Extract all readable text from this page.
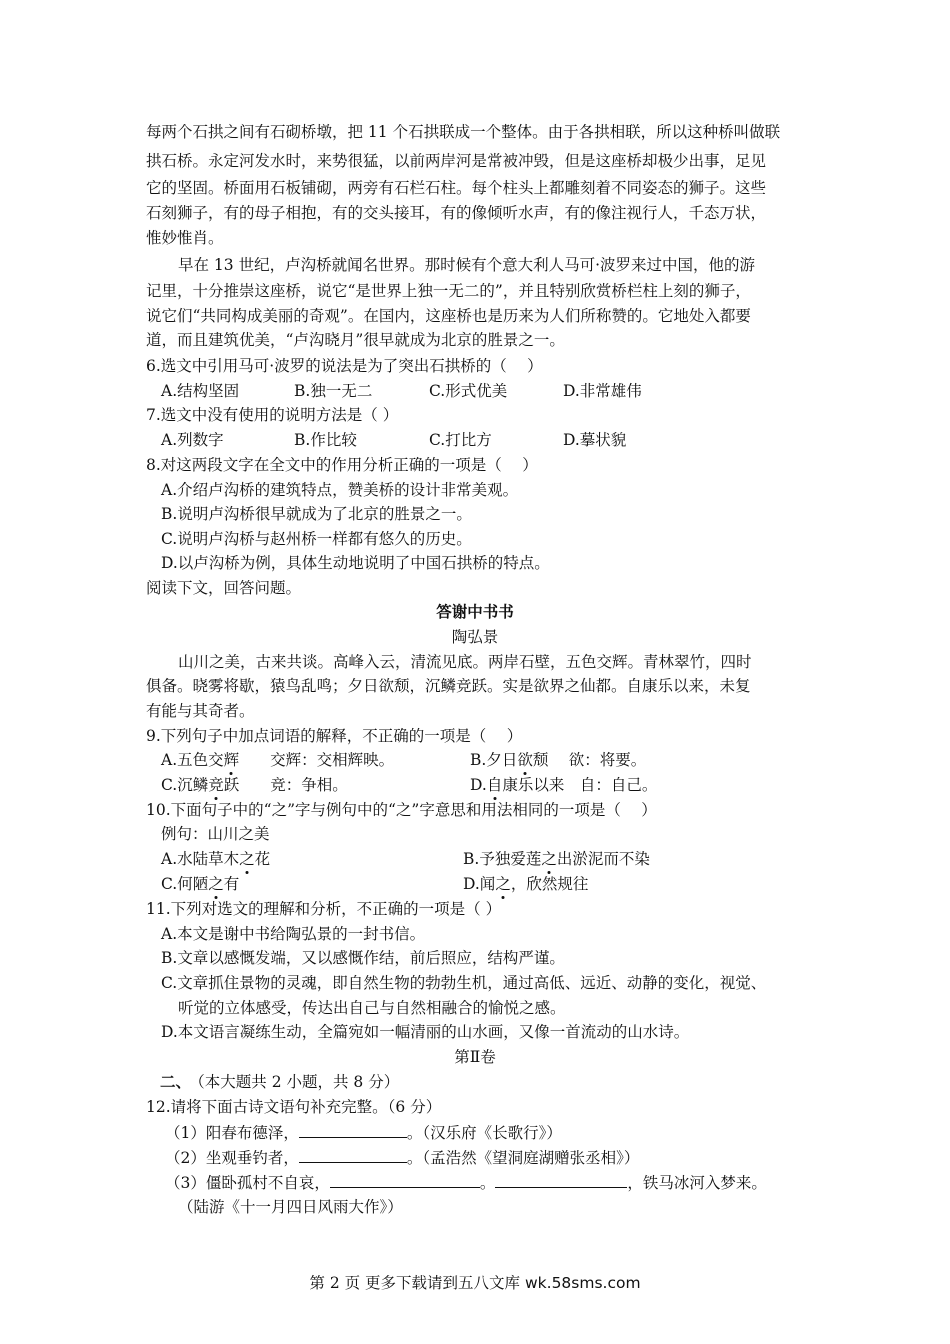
每两个石拱之间有石砌桥墩，把 11 个石拱联成一个整体。由于各拱相联，所以这种桥叫做联
拱石桥。永定河发水时，来势很猛，以前两岸河是常被冲毁，但是这座桥却极少出事，足见
它的坚固。桥面用石板铺砌，两旁有石栏石柱。每个柱头上都雕刻着不同姿态的狮子。这些
石刻狮子，有的母子相抱，有的交头接耳，有的像倾听水声，有的像注视行人，千态万状，
惟妙惟肖。
早在 13 世纪，卢沟桥就闻名世界。那时候有个意大利人马可·波罗来过中国，他的游
记里，十分推崇这座桥，说它“是世界上独一无二的”，并且特别欣赏桥栏柱上刻的狮子，
说它们“共同构成美丽的奇观”。在国内，这座桥也是历来为人们所称赞的。它地处入都要
道，而且建筑优美，“卢沟晓月”很早就成为北京的胜景之一。
6.选文中引用马可·波罗的说法是为了突出石拱桥的（　 ）
A.结构坚固	B.独一无二	C.形式优美	D.非常雄伟
7.选文中没有使用的说明方法是（ ）
A.列数字	B.作比较	C.打比方	D.摹状貌
8.对这两段文字在全文中的作用分析正确的一项是（　 ）
A.介绍卢沟桥的建筑特点，赞美桥的设计非常美观。
B.说明卢沟桥很早就成为了北京的胜景之一。
C.说明卢沟桥与赵州桥一样都有悠久的历史。
D.以卢沟桥为例，具体生动地说明了中国石拱桥的特点。
阅读下文，回答问题。
答谢中书书
陶弘景
山川之美，古来共谈。高峰入云，清流见底。两岸石壁，五色交辉。青林翠竹，四时
俱备。晓雾将歇，猿鸟乱鸣；夕日欲颓，沉鳞竞跃。实是欲界之仙都。自康乐以来，未复
有能与其奇者。
9.下列句子中加点词语的解释，不正确的一项是（　 ）
A.五色交辉　　交辉：交相辉映。	B.夕日欲颓　 欲：将要。
C.沉鳞竞跃　　竞：争相。	D.自康乐以来　自：自己。
10.下面句子中的“之”字与例句中的“之”字意思和用法相同的一项是（　 ）
例句：山川之美
A.水陆草木之花	B.予独爱莲之出淤泥而不染
C.何陋之有	D.闻之，欣然规往
11.下列对选文的理解和分析，不正确的一项是（ ）
A.本文是谢中书给陶弘景的一封书信。
B.文章以感慨发端，又以感慨作结，前后照应，结构严谨。
C.文章抓住景物的灵魂，即自然生物的勃勃生机，通过高低、远近、动静的变化，视觉、
听觉的立体感受，传达出自己与自然相融合的愉悦之感。
D.本文语言凝练生动，全篇宛如一幅清丽的山水画，又像一首流动的山水诗。
第Ⅱ卷
二、 （本大题共 2 小题，共 8 分）
12.请将下面古诗文语句补充完整。（6 分）
（1）阳春布德泽，	。（汉乐府《长歌行》）
（2）坐观垂钓者，	。（孟浩然《望洞庭湖赠张丞相》）
（3）僵卧孤村不自哀，	。	，铁马冰河入梦来。
（陆游《十一月四日风雨大作》）
第 2 页 更多下载请到五八文库 wk.58sms.com
